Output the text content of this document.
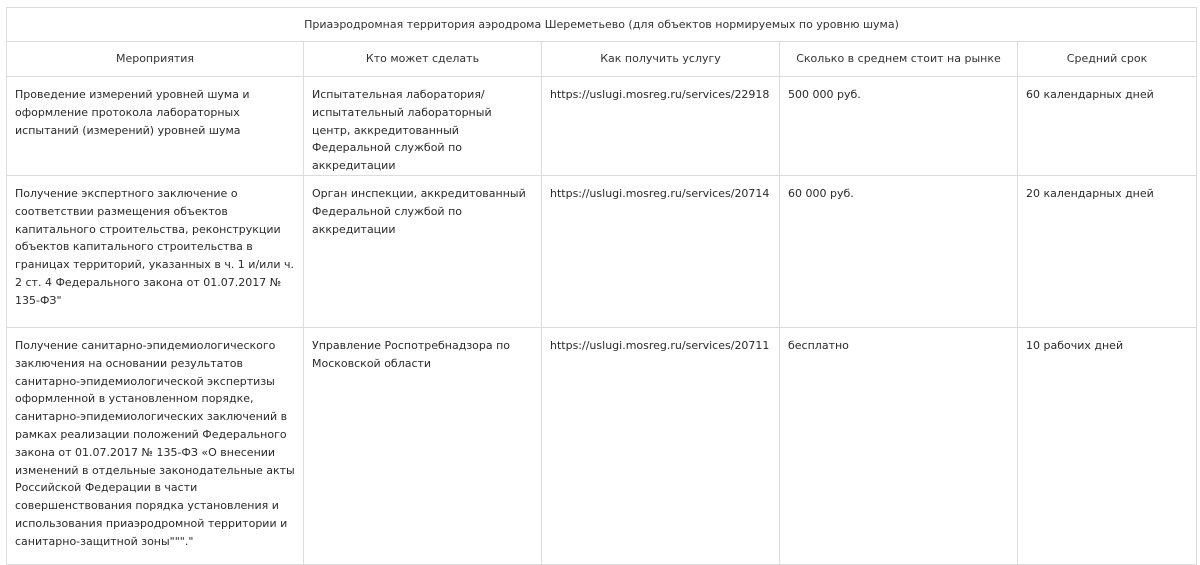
Приаэродромная территория аэродрома Шереметьево (для объектов нормируемых по уровню шума)				
Мероприятия	Кто может сделать	Как получить услугу	Сколько в среднем стоит на рынке	Средний срок
Проведение измерений уровней шума и оформление протокола лабораторных испытаний (измерений) уровней шума	Испытательная лаборатория/ испытательный лабораторный центр, аккредитованный Федеральной службой по аккредитации	https://uslugi.mosreg.ru/services/22918	500 000 руб.	60 календарных дней
Получение экспертного заключение о соответствии размещения объектов капитального строительства, реконструкции объектов капитального строительства в границах территорий, указанных в ч. 1 и/или ч. 2 ст. 4 Федерального закона от 01.07.2017 № 135-ФЗ"	Орган инспекции, аккредитованный Федеральной службой по аккредитации	https://uslugi.mosreg.ru/services/20714	60 000 руб.	20 календарных дней
Получение санитарно-эпидемиологического заключения на основании результатов санитарно-эпидемиологической экспертизы оформленной в установленном порядке, санитарно-эпидемиологических заключений в рамках реализации положений Федерального закона от 01.07.2017 № 135-ФЗ «О внесении изменений в отдельные законодательные акты Российской Федерации в части совершенствования порядка установления и использования приаэродромной территории и санитарно-защитной зоны"""."	Управление Роспотребнадзора по Московской области	https://uslugi.mosreg.ru/services/20711	бесплатно	10 рабочих дней
